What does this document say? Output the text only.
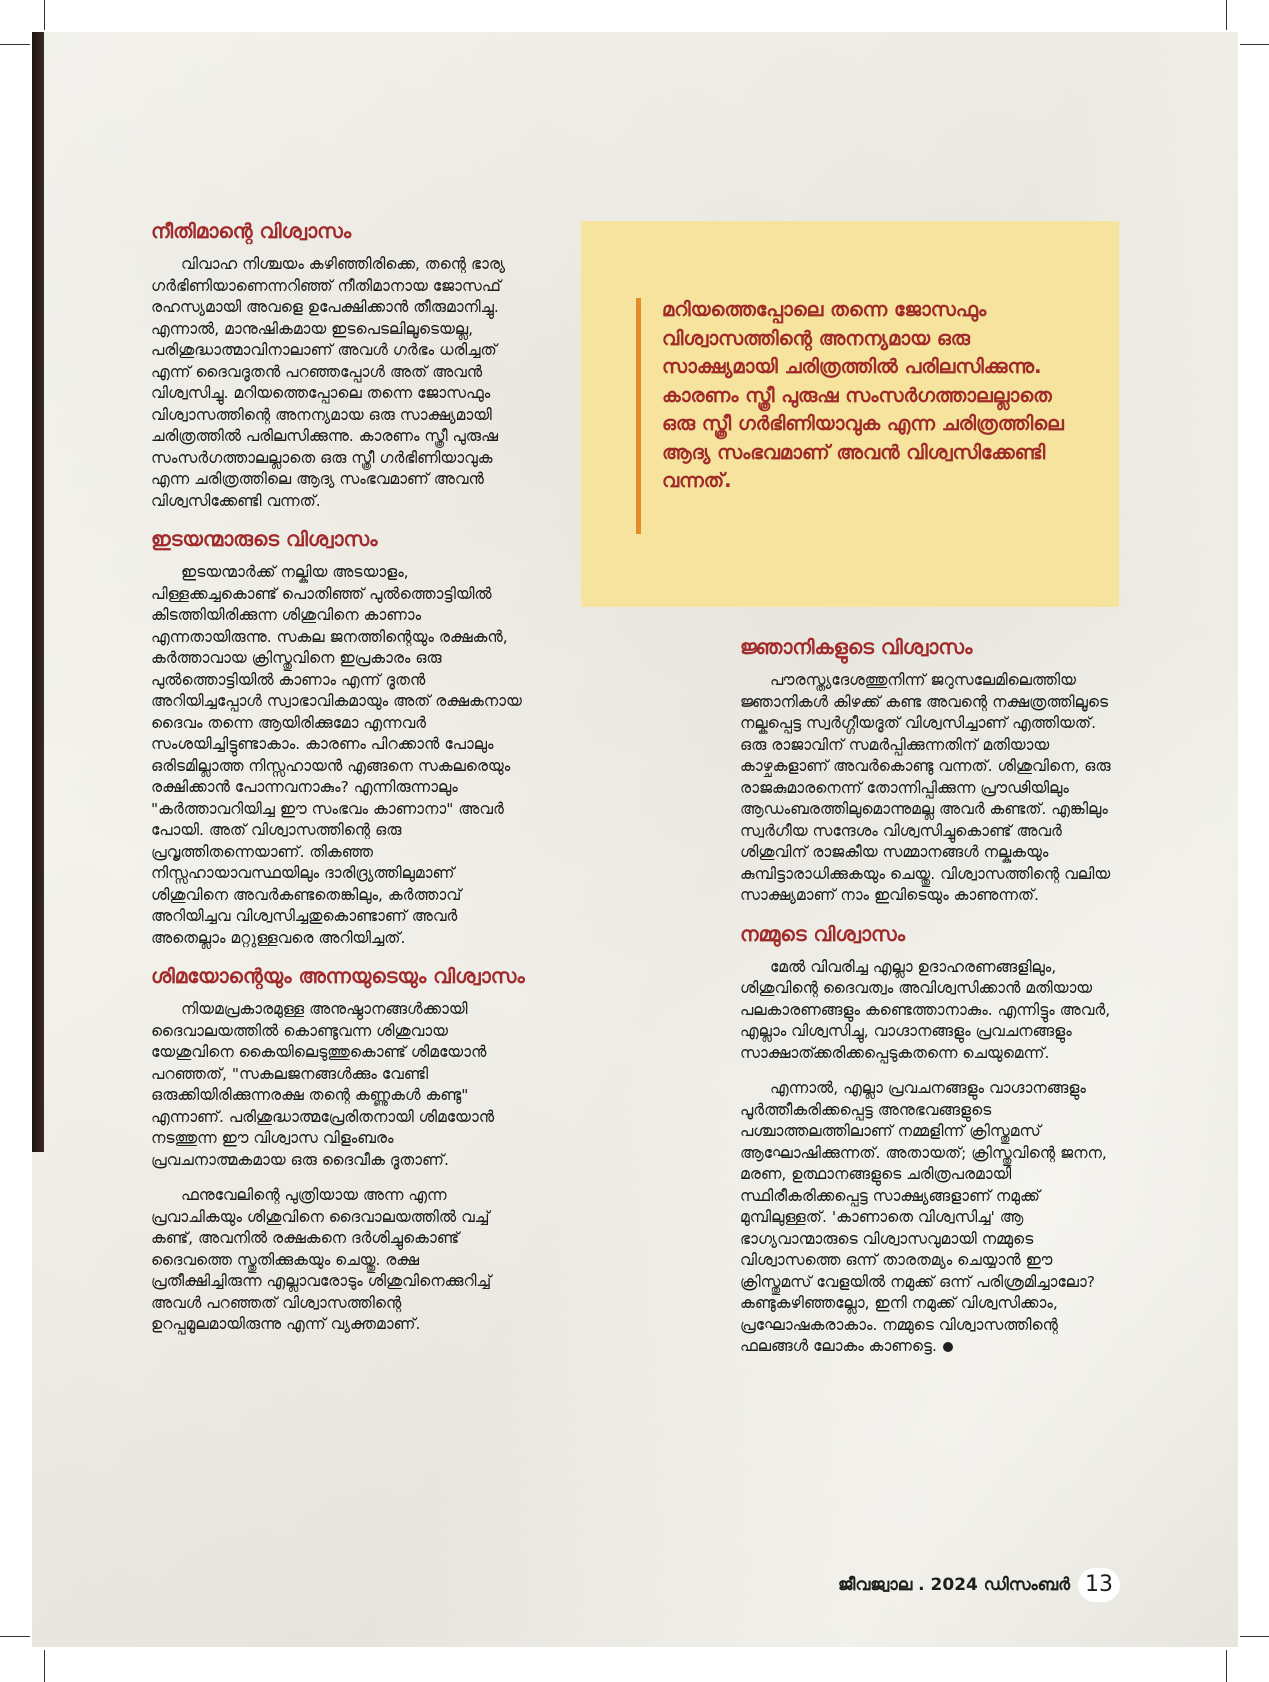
നീതിമാന്റെ വിശ്വാസം

വിവാഹ നിശ്ചയം കഴിഞ്ഞിരിക്കെ, തന്റെ ഭാര്യ ഗർഭിണിയാണെന്നറിഞ്ഞ് നീതിമാനായ ജോസഫ് രഹസ്യമായി അവളെ ഉപേക്ഷിക്കാൻ തീരുമാനിച്ചു. എന്നാൽ, മാനുഷികമായ ഇടപെടലിലൂടെയല്ല, പരിശുദ്ധാത്മാവിനാലാണ് അവൾ ഗർഭം ധരിച്ചത് എന്ന് ദൈവദൂതൻ പറഞ്ഞപ്പോൾ അത് അവൻ വിശ്വസിച്ചു. മറിയത്തെപ്പോലെ തന്നെ ജോസഫും വിശ്വാസത്തിന്റെ അനന്യമായ ഒരു സാക്ഷ്യമായി ചരിത്രത്തിൽ പരിലസിക്കുന്നു. കാരണം സ്ത്രീ പുരുഷ സംസർഗത്താലല്ലാതെ ഒരു സ്ത്രീ ഗർഭിണിയാവുക എന്ന ചരിത്രത്തിലെ ആദ്യ സംഭവമാണ് അവൻ വിശ്വസിക്കേണ്ടി വന്നത്.

ഇടയന്മാരുടെ വിശ്വാസം

ഇടയന്മാർക്ക് നല്കിയ അടയാളം, പിള്ളക്കച്ചകൊണ്ട് പൊതിഞ്ഞ് പുൽത്തൊട്ടിയിൽ കിടത്തിയിരിക്കുന്ന ശിശുവിനെ കാണാം എന്നതായിരുന്നു. സകല ജനത്തിന്റെയും രക്ഷകൻ, കർത്താവായ ക്രിസ്തുവിനെ ഇപ്രകാരം ഒരു പുൽത്തൊട്ടിയിൽ കാണാം എന്ന് ദൂതൻ അറിയിച്ചപ്പോൾ സ്വാഭാവികമായും അത് രക്ഷകനായ ദൈവം തന്നെ ആയിരിക്കുമോ എന്നവർ സംശയിച്ചിട്ടുണ്ടാകാം. കാരണം പിറക്കാൻ പോലും ഒരിടമില്ലാത്ത നിസ്സഹായൻ എങ്ങനെ സകലരെയും രക്ഷിക്കാൻ പോന്നവനാകും? എന്നിരുന്നാലും "കർത്താവറിയിച്ച ഈ സംഭവം കാണാനാ" അവർ പോയി. അത് വിശ്വാസത്തിന്റെ ഒരു പ്രവൃത്തിതന്നെയാണ്. തികഞ്ഞ നിസ്സഹായാവസ്ഥയിലും ദാരിദ്ര്യത്തിലുമാണ് ശിശുവിനെ അവർകണ്ടതെങ്കിലും, കർത്താവ് അറിയിച്ചവ വിശ്വസിച്ചതുകൊണ്ടാണ് അവർ അതെല്ലാം മറ്റുള്ളവരെ അറിയിച്ചത്.

ശിമയോന്റെയും അന്നയുടെയും വിശ്വാസം

നിയമപ്രകാരമുള്ള അനുഷ്ഠാനങ്ങൾക്കായി ദൈവാലയത്തിൽ കൊണ്ടുവന്ന ശിശുവായ യേശുവിനെ കൈയിലെടുത്തുകൊണ്ട് ശിമയോൻ പറഞ്ഞത്, "സകലജനങ്ങൾക്കും വേണ്ടി ഒരുക്കിയിരിക്കുന്നരക്ഷ തന്റെ കണ്ണുകൾ കണ്ടു" എന്നാണ്. പരിശുദ്ധാത്മപ്രേരിതനായി ശിമയോൻ നടത്തുന്ന ഈ വിശ്വാസ വിളംബരം പ്രവചനാത്മകമായ ഒരു ദൈവീക ദൂതാണ്.

ഫനുവേലിന്റെ പുത്രിയായ അന്ന എന്ന പ്രവാചികയും ശിശുവിനെ ദൈവാലയത്തിൽ വച്ച് കണ്ട്, അവനിൽ രക്ഷകനെ ദർശിച്ചുകൊണ്ട് ദൈവത്തെ സ്തുതിക്കുകയും ചെയ്തു. രക്ഷ പ്രതീക്ഷിച്ചിരുന്ന എല്ലാവരോടും ശിശുവിനെക്കുറിച്ച് അവൾ പറഞ്ഞത് വിശ്വാസത്തിന്റെ ഉറപ്പമൂലമായിരുന്നു എന്ന് വ്യക്തമാണ്.

മറിയത്തെപ്പോലെ തന്നെ ജോസഫും വിശ്വാസത്തിന്റെ അനന്യമായ ഒരു സാക്ഷ്യമായി ചരിത്രത്തിൽ പരിലസിക്കുന്നു. കാരണം സ്ത്രീ പുരുഷ സംസർഗത്താലല്ലാതെ ഒരു സ്ത്രീ ഗർഭിണിയാവുക എന്ന ചരിത്രത്തിലെ ആദ്യ സംഭവമാണ് അവൻ വിശ്വസിക്കേണ്ടി വന്നത്.
ജ്ഞാനികളുടെ വിശ്വാസം

പൗരസ്ത്യദേശത്തുനിന്ന് ജറുസലേമിലെത്തിയ ജ്ഞാനികൾ കിഴക്ക് കണ്ട അവന്റെ നക്ഷത്രത്തിലൂടെ നല്കപ്പെട്ട സ്വർഗ്ഗീയദൂത് വിശ്വസിച്ചാണ് എത്തിയത്. ഒരു രാജാവിന് സമർപ്പിക്കുന്നതിന് മതിയായ കാഴ്ചകളാണ് അവർകൊണ്ടു വന്നത്. ശിശുവിനെ, ഒരു രാജകുമാരനെന്ന് തോന്നിപ്പിക്കുന്ന പ്രൗഢിയിലും ആഡംബരത്തിലുമൊന്നുമല്ല അവർ കണ്ടത്. എങ്കിലും സ്വർഗീയ സന്ദേശം വിശ്വസിച്ചുകൊണ്ട് അവർ ശിശുവിന് രാജകീയ സമ്മാനങ്ങൾ നല്കുകയും കുമ്പിട്ടാരാധിക്കുകയും ചെയ്തു. വിശ്വാസത്തിന്റെ വലിയ സാക്ഷ്യമാണ് നാം ഇവിടെയും കാണുന്നത്.

നമ്മുടെ വിശ്വാസം

മേൽ വിവരിച്ച എല്ലാ ഉദാഹരണങ്ങളിലും, ശിശുവിന്റെ ദൈവത്വം അവിശ്വസിക്കാൻ മതിയായ പലകാരണങ്ങളും കണ്ടെത്താനാകും. എന്നിട്ടും അവർ, എല്ലാം വിശ്വസിച്ചു, വാഗ്ദാനങ്ങളും പ്രവചനങ്ങളും സാക്ഷാത്ക്കരിക്കപ്പെടുകതന്നെ ചെയുമെന്ന്.

എന്നാൽ, എല്ലാ പ്രവചനങ്ങളും വാഗ്ദാനങ്ങളും പൂർത്തീകരിക്കപ്പെട്ട അനുഭവങ്ങളുടെ പശ്ചാത്തലത്തിലാണ് നമ്മളിന്ന് ക്രിസ്തുമസ് ആഘോഷിക്കുന്നത്. അതായത്; ക്രിസ്തുവിന്റെ ജനന, മരണ, ഉത്ഥാനങ്ങളുടെ ചരിത്രപരമായി സ്ഥിരീകരിക്കപ്പെട്ട സാക്ഷ്യങ്ങളാണ് നമുക്ക് മുമ്പിലുള്ളത്. 'കാണാതെ വിശ്വസിച്ച' ആ ഭാഗ്യവാന്മാരുടെ വിശ്വാസവുമായി നമ്മുടെ വിശ്വാസത്തെ ഒന്ന് താരതമ്യം ചെയ്യാൻ ഈ ക്രിസ്തുമസ് വേളയിൽ നമുക്ക് ഒന്ന് പരിശ്രമിച്ചാലോ? കണ്ടുകഴിഞ്ഞല്ലോ, ഇനി നമുക്ക് വിശ്വസിക്കാം, പ്രഘോഷകരാകാം. നമ്മുടെ വിശ്വാസത്തിന്റെ ഫലങ്ങൾ ലോകം കാണട്ടെ.

ജീവജ്വാല . 2024 ഡിസംബർ 13
